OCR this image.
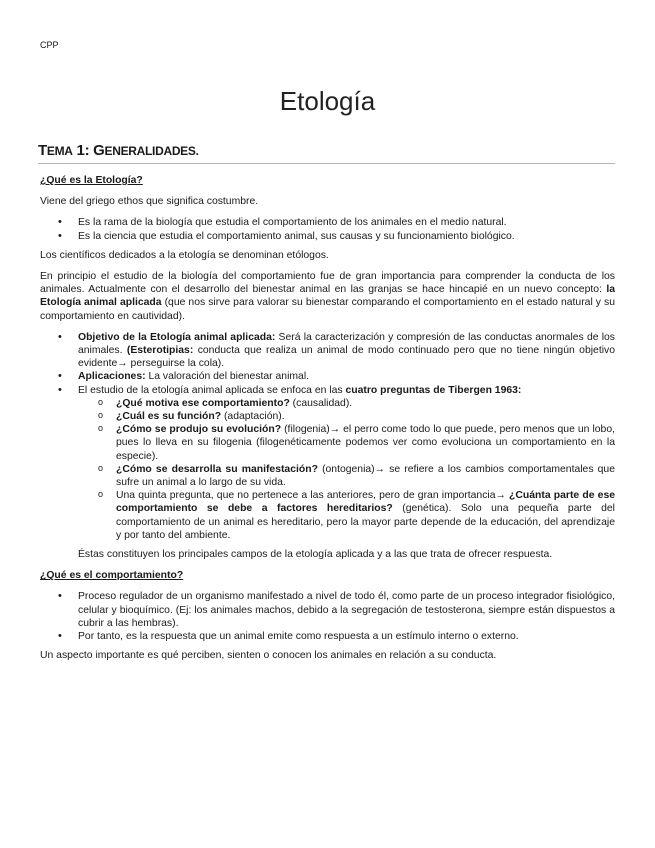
CPP
Etología
TEMA 1: GENERALIDADES.

¿Qué es la Etología?

Viene del griego ethos que significa costumbre.

• Es la rama de la biología que estudia el comportamiento de los animales en el medio natural.
• Es la ciencia que estudia el comportamiento animal, sus causas y su funcionamiento biológico.

Los científicos dedicados a la etología se denominan etólogos.

En principio el estudio de la biología del comportamiento fue de gran importancia para comprender la conducta de los animales. Actualmente con el desarrollo del bienestar animal en las granjas se hace hincapié en un nuevo concepto: la Etología animal aplicada (que nos sirve para valorar su bienestar comparando el comportamiento en el estado natural y su comportamiento en cautividad).

• Objetivo de la Etología animal aplicada: Será la caracterización y compresión de las conductas anormales de los animales. (Esterotipias: conducta que realiza un animal de modo continuado pero que no tiene ningún objetivo evidente→ perseguirse la cola).
• Aplicaciones: La valoración del bienestar animal.
• El estudio de la etología animal aplicada se enfoca en las cuatro preguntas de Tibergen 1963:
o ¿Qué motiva ese comportamiento? (causalidad).
o ¿Cuál es su función? (adaptación).
o ¿Cómo se produjo su evolución? (filogenia)→ el perro come todo lo que puede, pero menos que un lobo, pues lo lleva en su filogenia (filogenéticamente podemos ver como evoluciona un comportamiento en la especie).
o ¿Cómo se desarrolla su manifestación? (ontogenia)→ se refiere a los cambios comportamentales que sufre un animal a lo largo de su vida.
o Una quinta pregunta, que no pertenece a las anteriores, pero de gran importancia→ ¿Cuánta parte de ese comportamiento se debe a factores hereditarios? (genética). Solo una pequeña parte del comportamiento de un animal es hereditario, pero la mayor parte depende de la educación, del aprendizaje y por tanto del ambiente.

Éstas constituyen los principales campos de la etología aplicada y a las que trata de ofrecer respuesta.

¿Qué es el comportamiento?

• Proceso regulador de un organismo manifestado a nivel de todo él, como parte de un proceso integrador fisiológico, celular y bioquímico. (Ej: los animales machos, debido a la segregación de testosterona, siempre están dispuestos a cubrir a las hembras).
• Por tanto, es la respuesta que un animal emite como respuesta a un estímulo interno o externo.

Un aspecto importante es qué perciben, sienten o conocen los animales en relación a su conducta.
